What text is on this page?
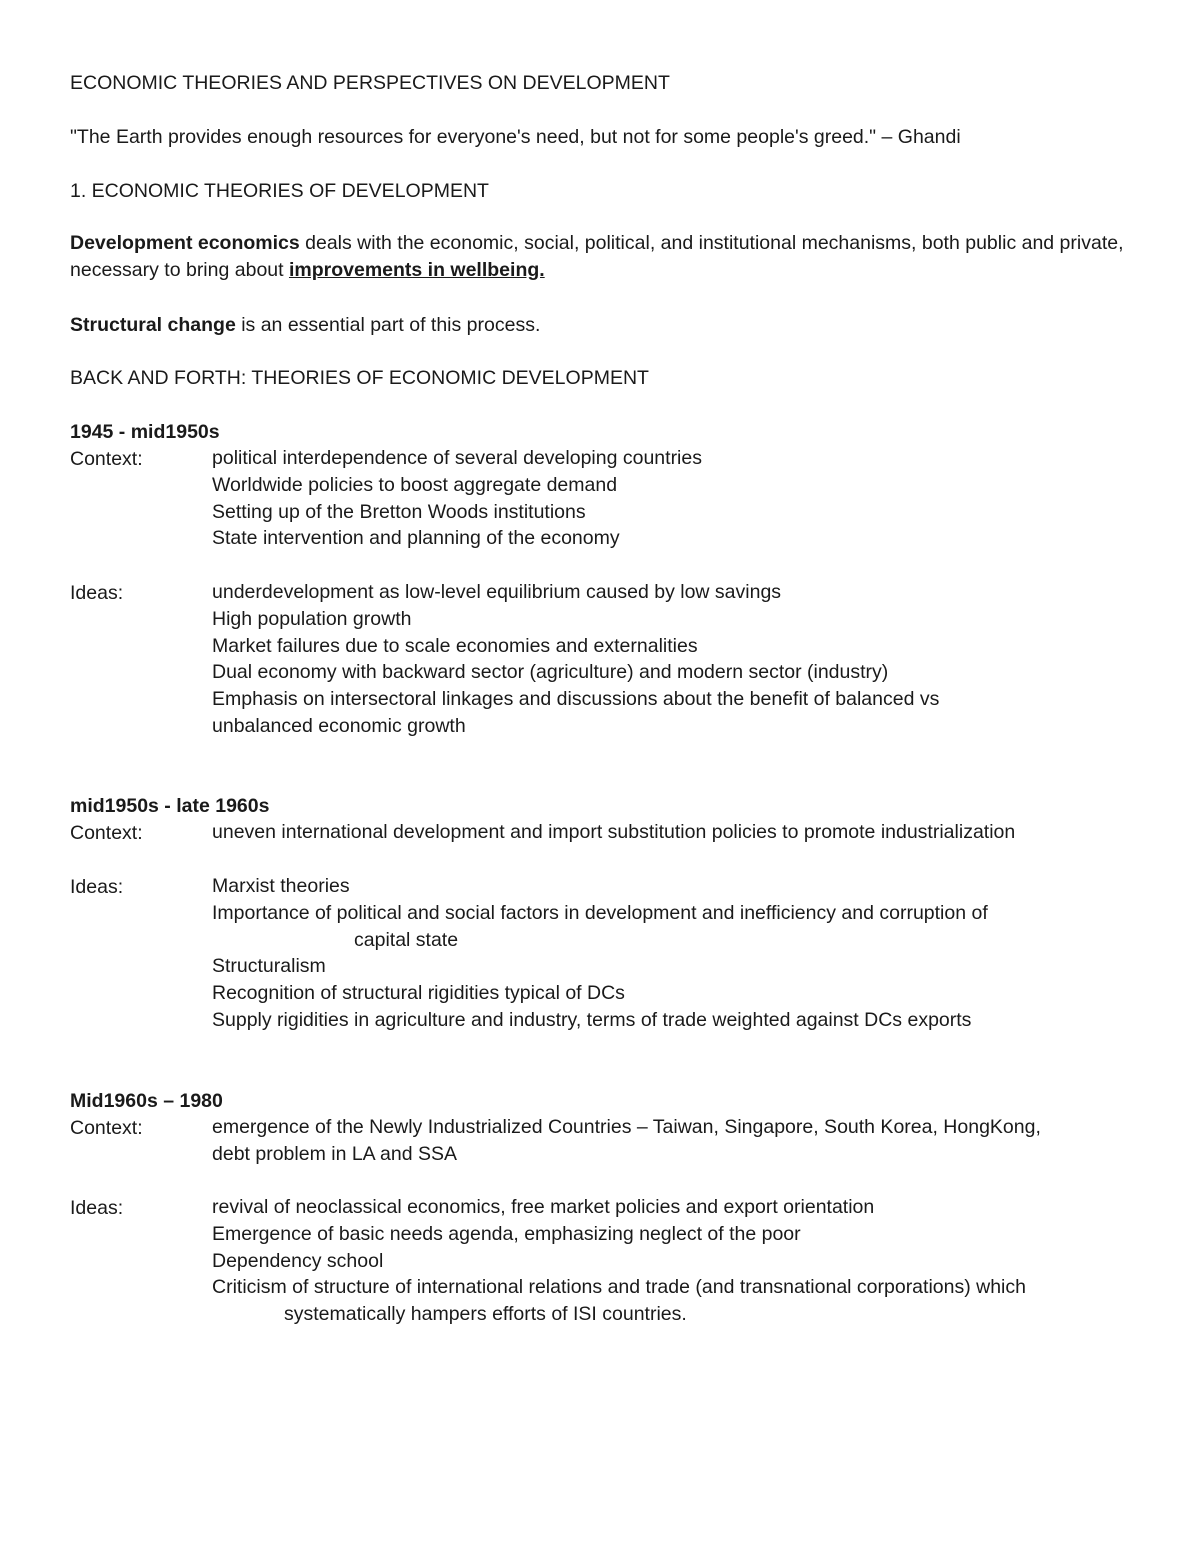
ECONOMIC THEORIES AND PERSPECTIVES ON DEVELOPMENT
"The Earth provides enough resources for everyone's need, but not for some people's greed." – Ghandi
1. ECONOMIC THEORIES OF DEVELOPMENT
Development economics deals with the economic, social, political, and institutional mechanisms, both public and private, necessary to bring about improvements in wellbeing.
Structural change is an essential part of this process.
BACK AND FORTH: THEORIES OF ECONOMIC DEVELOPMENT
1945 - mid1950s
Context:	political interdependence of several developing countries
Worldwide policies to boost aggregate demand
Setting up of the Bretton Woods institutions
State intervention and planning of the economy
Ideas:	underdevelopment as low-level equilibrium caused by low savings
High population growth
Market failures due to scale economies and externalities
Dual economy with backward sector (agriculture) and modern sector (industry)
Emphasis on intersectoral linkages and discussions about the benefit of balanced vs
unbalanced economic growth
mid1950s - late 1960s
Context:	uneven international development and import substitution policies to promote industrialization
Ideas:	Marxist theories
Importance of political and social factors in development and inefficiency and corruption of
capital state
Structuralism
Recognition of structural rigidities typical of DCs
Supply rigidities in agriculture and industry, terms of trade weighted against DCs exports
Mid1960s – 1980
Context:	emergence of the Newly Industrialized Countries – Taiwan, Singapore, South Korea, HongKong,
debt problem in LA and SSA
Ideas:	revival of neoclassical economics, free market policies and export orientation
Emergence of basic needs agenda, emphasizing neglect of the poor
Dependency school
Criticism of structure of international relations and trade (and transnational corporations) which
systematically hampers efforts of ISI countries.
